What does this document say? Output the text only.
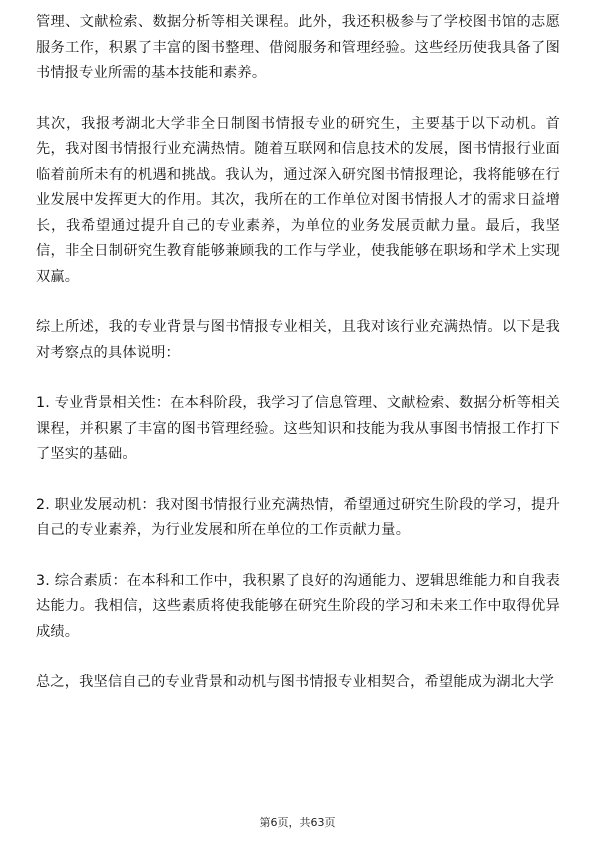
管理、文献检索、数据分析等相关课程。此外，我还积极参与了学校图书馆的志愿服务工作，积累了丰富的图书整理、借阅服务和管理经验。这些经历使我具备了图书情报专业所需的基本技能和素养。

其次，我报考湖北大学非全日制图书情报专业的研究生，主要基于以下动机。首先，我对图书情报行业充满热情。随着互联网和信息技术的发展，图书情报行业面临着前所未有的机遇和挑战。我认为，通过深入研究图书情报理论，我将能够在行业发展中发挥更大的作用。其次，我所在的工作单位对图书情报人才的需求日益增长，我希望通过提升自己的专业素养，为单位的业务发展贡献力量。最后，我坚信，非全日制研究生教育能够兼顾我的工作与学业，使我能够在职场和学术上实现双赢。

综上所述，我的专业背景与图书情报专业相关，且我对该行业充满热情。以下是我对考察点的具体说明：

1. 专业背景相关性：在本科阶段，我学习了信息管理、文献检索、数据分析等相关课程，并积累了丰富的图书管理经验。这些知识和技能为我从事图书情报工作打下了坚实的基础。

2. 职业发展动机：我对图书情报行业充满热情，希望通过研究生阶段的学习，提升自己的专业素养，为行业发展和所在单位的工作贡献力量。

3. 综合素质：在本科和工作中，我积累了良好的沟通能力、逻辑思维能力和自我表达能力。我相信，这些素质将使我能够在研究生阶段的学习和未来工作中取得优异成绩。

总之，我坚信自己的专业背景和动机与图书情报专业相契合，希望能成为湖北大学

第6页，共63页
